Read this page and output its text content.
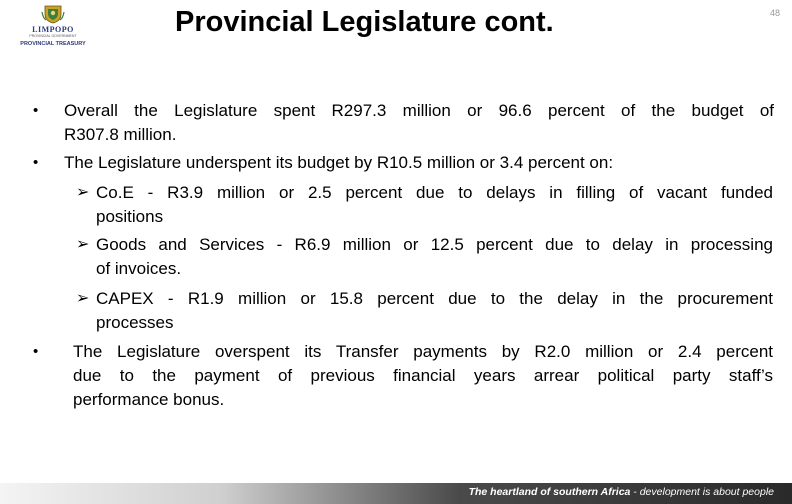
LIMPOPO
PROVINCIAL GOVERNMENT
PROVINCIAL TREASURY
Provincial Legislature cont.	48
• Overall the Legislature spent R297.3 million or 96.6 percent of the budget of
R307.8 million.
• The Legislature underspent its budget by R10.5 million or 3.4 percent on:
➢ Co.E - R3.9 million or 2.5 percent due to delays in filling of vacant funded
positions
➢ Goods and Services - R6.9 million or 12.5 percent due to delay in processing
of invoices.
➢ CAPEX - R1.9 million or 15.8 percent due to the delay in the procurement
processes
• The Legislature overspent its Transfer payments by R2.0 million or 2.4 percent
due to the payment of previous financial years arrear political party staff’s
performance bonus.
The heartland of southern Africa - development is about people
